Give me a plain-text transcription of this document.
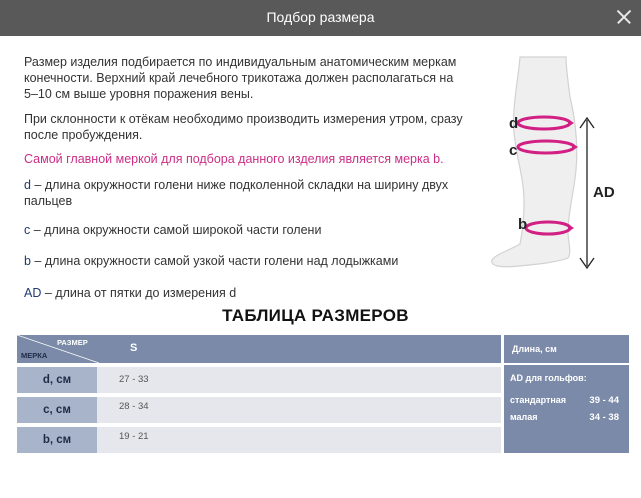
Подбор размера
Размер изделия подбирается по индивидуальным анатомическим меркам конечности. Верхний край лечебного трикотажа должен располагаться на 5–10 см выше уровня поражения вены.
При склонности к отёкам необходимо производить измерения утром, сразу после пробуждения.
Самой главной меркой для подбора данного изделия является мерка b.
d – длина окружности голени ниже подколенной складки на ширину двух пальцев
c – длина окружности самой широкой части голени
b – длина окружности самой узкой части голени над лодыжками
AD – длина от пятки до измерения d
d
c
b
AD
ТАБЛИЦА РАЗМЕРОВ
РАЗМЕР
МЕРКА
S
d, см	27 - 33
c, см	28 - 34
b, см	19 - 21
Длина, см
AD для гольфов:
стандартная 39 - 44
малая	34 - 38
